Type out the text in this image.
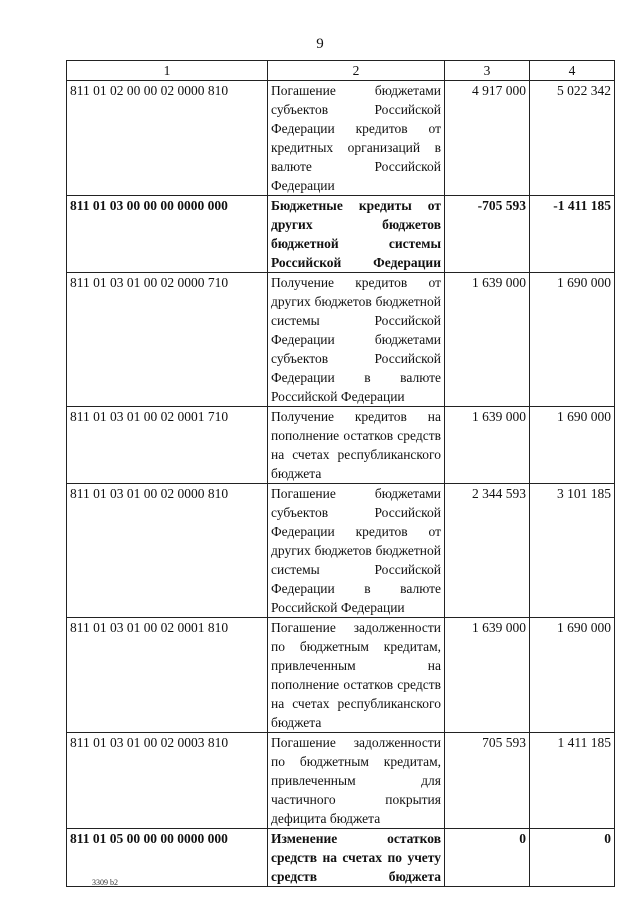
9
1	2	3	4
811 01 02 00 00 02 0000 810	Погашение бюджетами субъектов Российской Федерации кредитов от кредитных организаций в валюте Российской Федерации	4 917 000	5 022 342
811 01 03 00 00 00 0000 000	Бюджетные кредиты от других бюджетов бюджетной системы Российской Федерации	-705 593	-1 411 185
811 01 03 01 00 02 0000 710	Получение кредитов от других бюджетов бюджетной системы Российской Федерации бюджетами субъектов Российской Федерации в валюте Российской Федерации	1 639 000	1 690 000
811 01 03 01 00 02 0001 710	Получение кредитов на пополнение остатков средств на счетах республиканского бюджета	1 639 000	1 690 000
811 01 03 01 00 02 0000 810	Погашение бюджетами субъектов Российской Федерации кредитов от других бюджетов бюджетной системы Российской Федерации в валюте Российской Федерации	2 344 593	3 101 185
811 01 03 01 00 02 0001 810	Погашение задолженности по бюджетным кредитам, привлеченным на пополнение остатков средств на счетах республиканского бюджета	1 639 000	1 690 000
811 01 03 01 00 02 0003 810	Погашение задолженности по бюджетным кредитам, привлеченным для частичного покрытия дефицита бюджета	705 593	1 411 185
811 01 05 00 00 00 0000 000	Изменение остатков средств на счетах по учету средств бюджета	0	0
3309 b2
